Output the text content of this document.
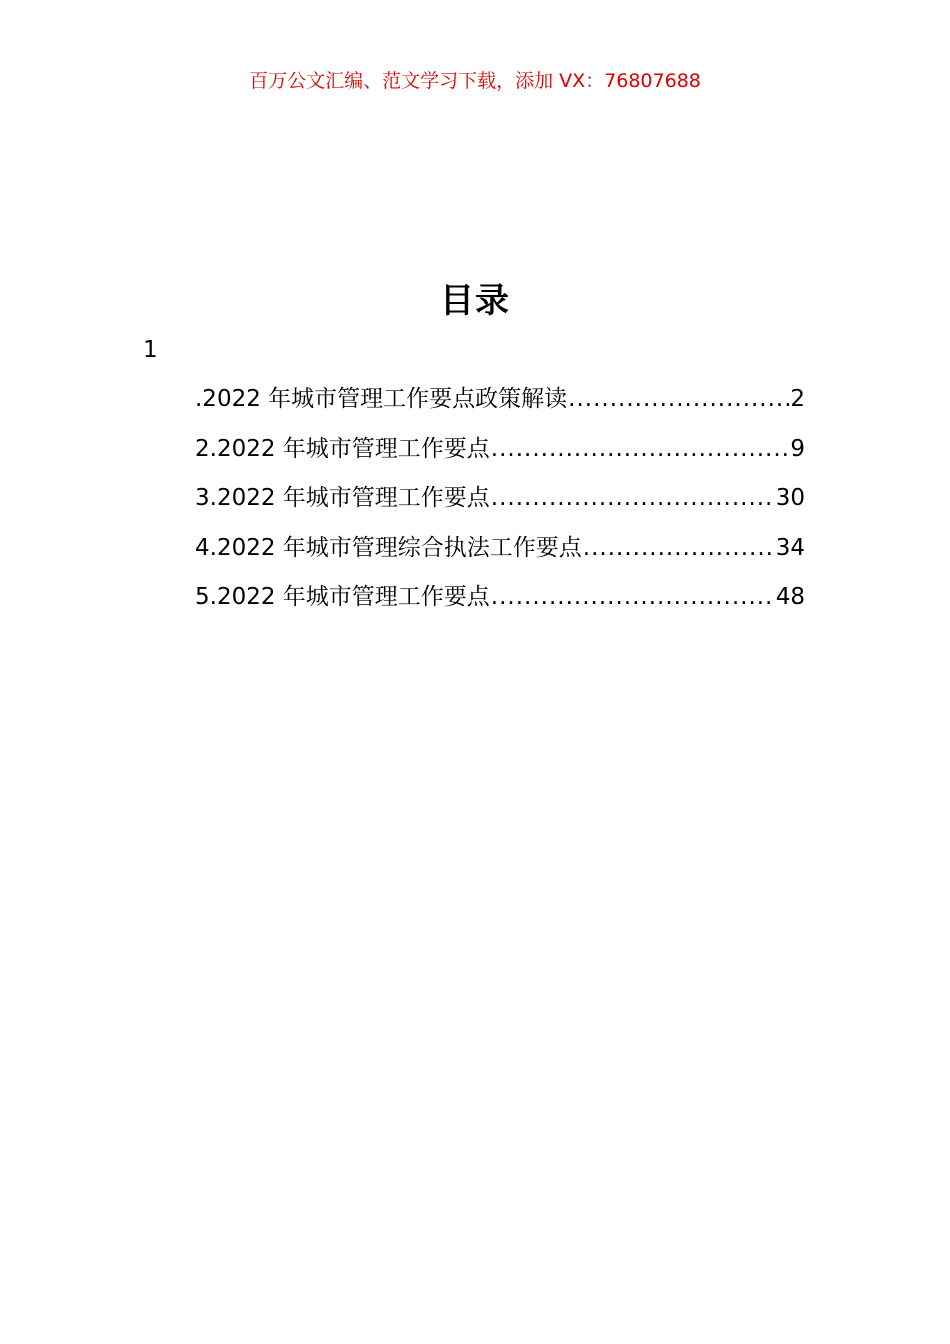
百万公文汇编、范文学习下载，添加 VX：76807688
目录
1
.2022 年城市管理工作要点政策解读 .....	2
2.2022 年城市管理工作要点 .....	9
3.2022 年城市管理工作要点 .....	30
4.2022 年城市管理综合执法工作要点 .....	34
5.2022 年城市管理工作要点 .....	48
